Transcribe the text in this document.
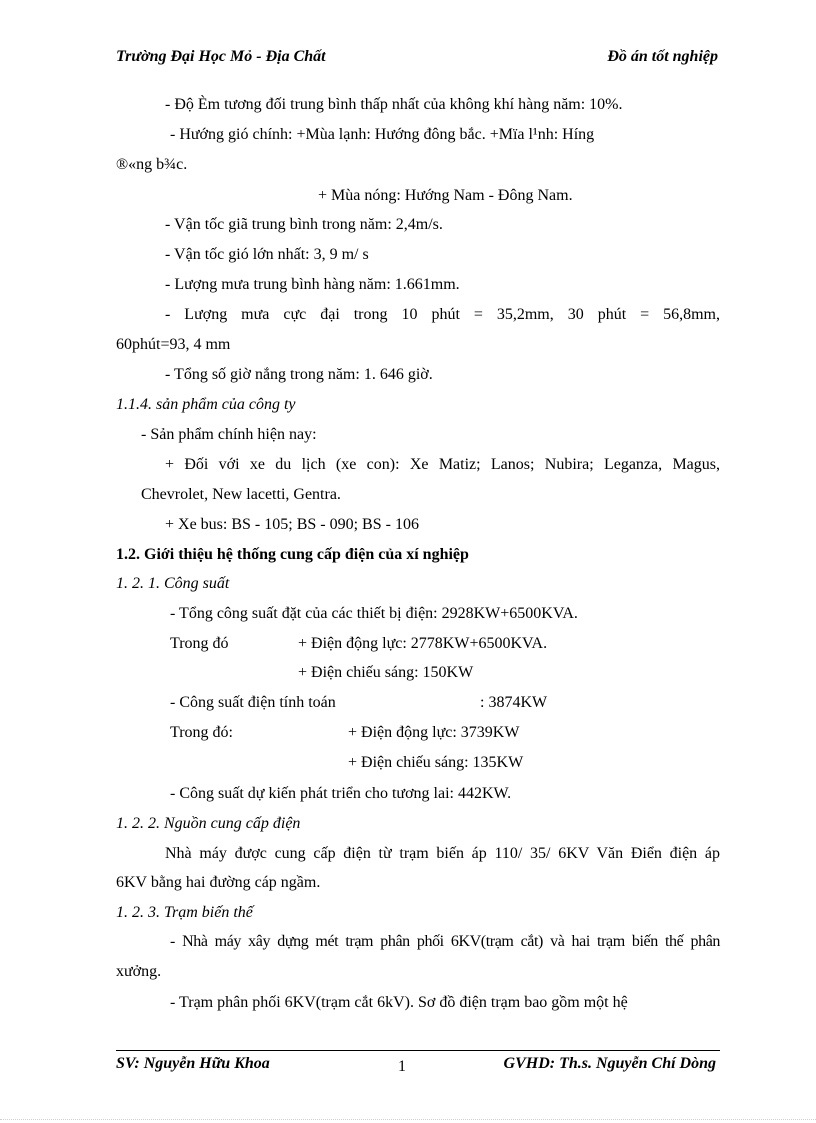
Trường Đại Học Mỏ - Địa Chất	Đồ án tốt nghiệp
- Độ Èm tương đối trung bình thấp nhất của không khí hàng năm: 10%.
- Hướng gió chính: +Mùa lạnh: Hướng đông bắc. +Mïa l¹nh: Híng
®«ng b¾c.
+ Mùa nóng: Hướng Nam - Đông Nam.
- Vận tốc giã trung bình trong năm: 2,4m/s.
- Vận tốc gió lớn nhất: 3, 9 m/ s
- Lượng mưa trung bình hàng năm: 1.661mm.
- Lượng mưa cực đại trong 10 phút = 35,2mm, 30 phút = 56,8mm,
60phút=93, 4 mm
- Tổng số giờ nắng trong năm: 1. 646 giờ.
1.1.4. sản phẩm của công ty
- Sản phẩm chính hiện nay:
+ Đối với xe du lịch (xe con): Xe Matiz; Lanos; Nubira; Leganza, Magus,
Chevrolet, New lacetti, Gentra.
+ Xe bus: BS - 105; BS - 090; BS - 106
1.2. Giới thiệu hệ thống cung cấp điện của xí nghiệp
1. 2. 1. Công suất
- Tổng công suất đặt của các thiết bị điện: 2928KW+6500KVA.
Trong đó	+ Điện động lực: 2778KW+6500KVA.
+ Điện chiếu sáng: 150KW
- Công suất điện tính toán	: 3874KW
Trong đó:	+ Điện động lực: 3739KW
+ Điện chiếu sáng: 135KW
- Công suất dự kiến phát triển cho tương lai: 442KW.
1. 2. 2. Nguồn cung cấp điện
Nhà máy được cung cấp điện từ trạm biến áp 110/ 35/ 6KV Văn Điển điện áp
6KV bằng hai đường cáp ngầm.
1. 2. 3. Trạm biến thế
- Nhà máy xây dựng mét trạm phân phối 6KV(trạm cắt) và hai trạm biến thế phân
xưởng.
- Trạm phân phối 6KV(trạm cắt 6kV). Sơ đồ điện trạm bao gồm một hệ
SV: Nguyễn Hữu Khoa	1	GVHD: Th.s. Nguyễn Chí Dòng
